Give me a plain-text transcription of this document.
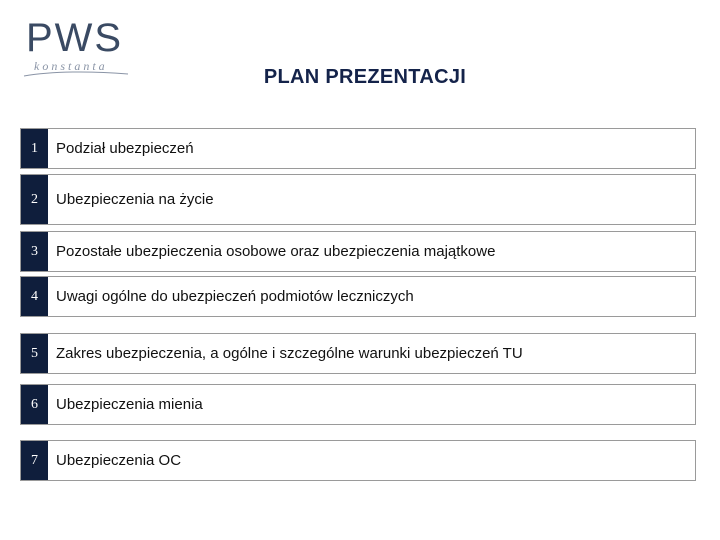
PWS
konstanta	PLAN PREZENTACJI
1	Podział ubezpieczeń
2	Ubezpieczenia na życie
3	Pozostałe ubezpieczenia osobowe oraz ubezpieczenia majątkowe
4	Uwagi ogólne do ubezpieczeń podmiotów leczniczych
5	Zakres ubezpieczenia, a ogólne i szczególne warunki ubezpieczeń TU
6	Ubezpieczenia mienia
7	Ubezpieczenia OC
